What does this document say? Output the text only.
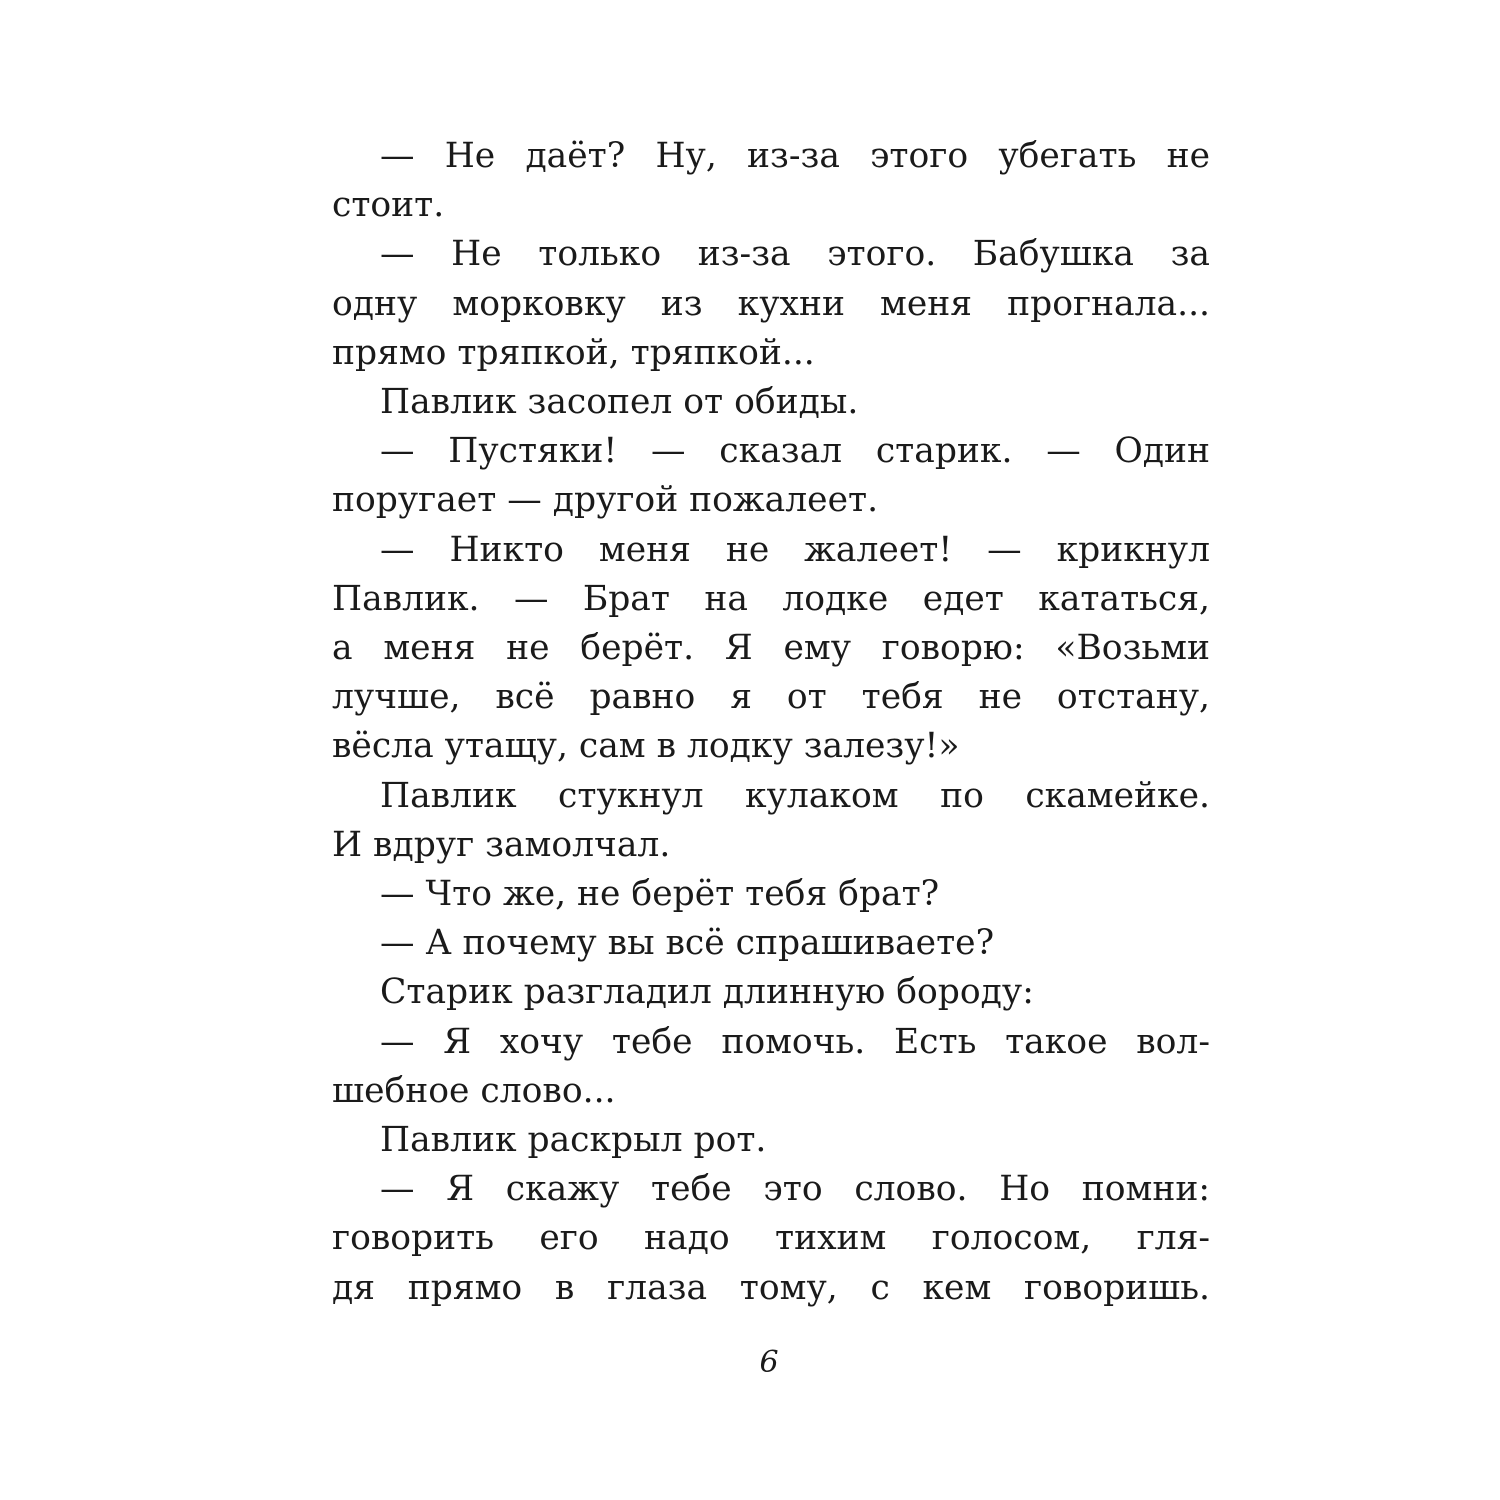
— Не даёт? Ну, из-за этого убегать не
стоит.
— Не только из-за этого. Бабушка за
одну морковку из кухни меня прогнала...
прямо тряпкой, тряпкой...
Павлик засопел от обиды.
— Пустяки! — сказал старик. — Один
поругает — другой пожалеет.
— Никто меня не жалеет! — крикнул
Павлик. — Брат на лодке едет кататься,
а меня не берёт. Я ему говорю: «Возьми
лучше, всё равно я от тебя не отстану,
вёсла утащу, сам в лодку залезу!»
Павлик стукнул кулаком по скамейке.
И вдруг замолчал.
— Что же, не берёт тебя брат?
— А почему вы всё спрашиваете?
Старик разгладил длинную бороду:
— Я хочу тебе помочь. Есть такое вол-
шебное слово...
Павлик раскрыл рот.
— Я скажу тебе это слово. Но помни:
говорить его надо тихим голосом, гля-
дя прямо в глаза тому, с кем говоришь.
6
